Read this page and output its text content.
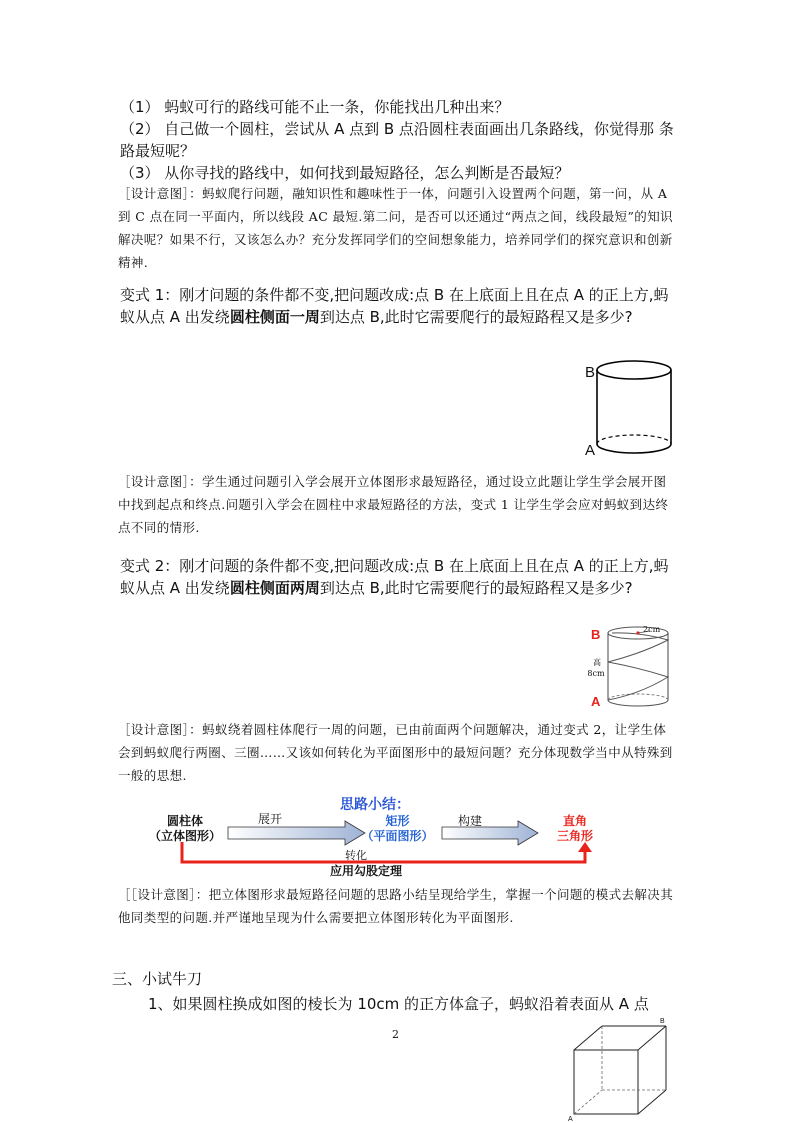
（1） 蚂蚁可行的路线可能不止一条，你能找出几种出来？
（2） 自己做一个圆柱，尝试从 A 点到 B 点沿圆柱表面画出几条路线，你觉得那 条路最短呢？
（3） 从你寻找的路线中，如何找到最短路径，怎么判断是否最短？
［设计意图］：蚂蚁爬行问题，融知识性和趣味性于一体，问题引入设置两个问题，第一问，从 A 到 C 点在同一平面内，所以线段 AC 最短.第二问，是否可以还通过“两点之间，线段最短”的知识解决呢？如果不行，又该怎么办？充分发挥同学们的空间想象能力，培养同学们的探究意识和创新精神.
变式 1：刚才问题的条件都不变,把问题改成:点 B 在上底面上且在点 A 的正上方,蚂蚁从点 A 出发绕圆柱侧面一周到达点 B,此时它需要爬行的最短路程又是多少?
B
A
［设计意图］：学生通过问题引入学会展开立体图形求最短路径，通过设立此题让学生学会展开图中找到起点和终点.问题引入学会在圆柱中求最短路径的方法，变式 1 让学生学会应对蚂蚁到达终点不同的情形.
变式 2：刚才问题的条件都不变,把问题改成:点 B 在上底面上且在点 A 的正上方,蚂蚁从点 A 出发绕圆柱侧面两周到达点 B,此时它需要爬行的最短路程又是多少?
B
A
2cm
高
8cm
［设计意图］：蚂蚁绕着圆柱体爬行一周的问题，已由前面两个问题解决，通过变式 2，让学生体会到蚂蚁爬行两圈、三圈……又该如何转化为平面图形中的最短问题？充分体现数学当中从特殊到一般的思想.
思路小结：
圆柱体
（立体图形）
展开	矩形
（平面图形）
构建	直角
三角形
转化
应用勾股定理
［［设计意图］：把立体图形求最短路径问题的思路小结呈现给学生，掌握一个问题的模式去解决其他同类型的问题.并严谨地呈现为什么需要把立体图形转化为平面图形.
三、小试牛刀
1、如果圆柱换成如图的棱长为 10cm 的正方体盒子，蚂蚁沿着表面从 A 点
2
B
A
